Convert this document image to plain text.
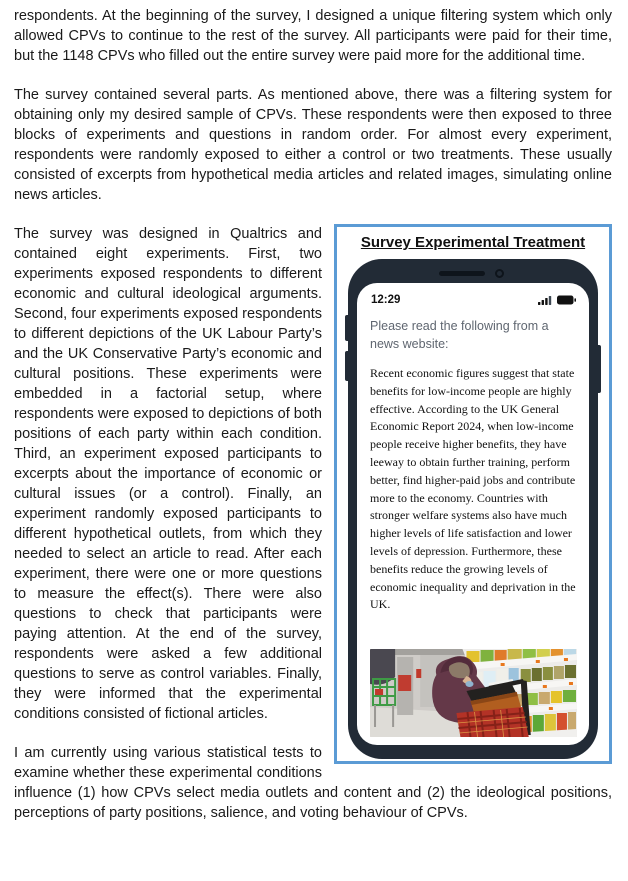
respondents. At the beginning of the survey, I designed a unique filtering system which only allowed CPVs to continue to the rest of the survey. All participants were paid for their time, but the 1148 CPVs who filled out the entire survey were paid more for the additional time.

The survey contained several parts. As mentioned above, there was a filtering system for obtaining only my desired sample of CPVs. These respondents were then exposed to three blocks of experiments and questions in random order. For almost every experiment, respondents were randomly exposed to either a control or two treatments. These usually consisted of excerpts from hypothetical media articles and related images, simulating online news articles.

Survey Experimental Treatment
12:29

Please read the following from a news website:

Recent economic figures suggest that state benefits for low-income people are highly effective. According to the UK General Economic Report 2024, when low-income people receive higher benefits, they have leeway to obtain further training, perform better, find higher-paid jobs and contribute more to the economy. Countries with stronger welfare systems also have much higher levels of life satisfaction and lower levels of depression. Furthermore, these benefits reduce the growing levels of economic inequality and deprivation in the UK.

The survey was designed in Qualtrics and contained eight experiments. First, two experiments exposed respondents to different economic and cultural ideological arguments. Second, four experiments exposed respondents to different depictions of the UK Labour Party’s and the UK Conservative Party’s economic and cultural positions. These experiments were embedded in a factorial setup, where respondents were exposed to depictions of both positions of each party within each condition. Third, an experiment exposed participants to excerpts about the importance of economic or cultural issues (or a control). Finally, an experiment randomly exposed participants to different hypothetical outlets, from which they needed to select an article to read. After each experiment, there were one or more questions to measure the effect(s). There were also questions to check that participants were paying attention. At the end of the survey, respondents were asked a few additional questions to serve as control variables. Finally, they were informed that the experimental conditions consisted of fictional articles.

I am currently using various statistical tests to examine whether these experimental conditions influence (1) how CPVs select media outlets and content and (2) the ideological positions, perceptions of party positions, salience, and voting behaviour of CPVs.
